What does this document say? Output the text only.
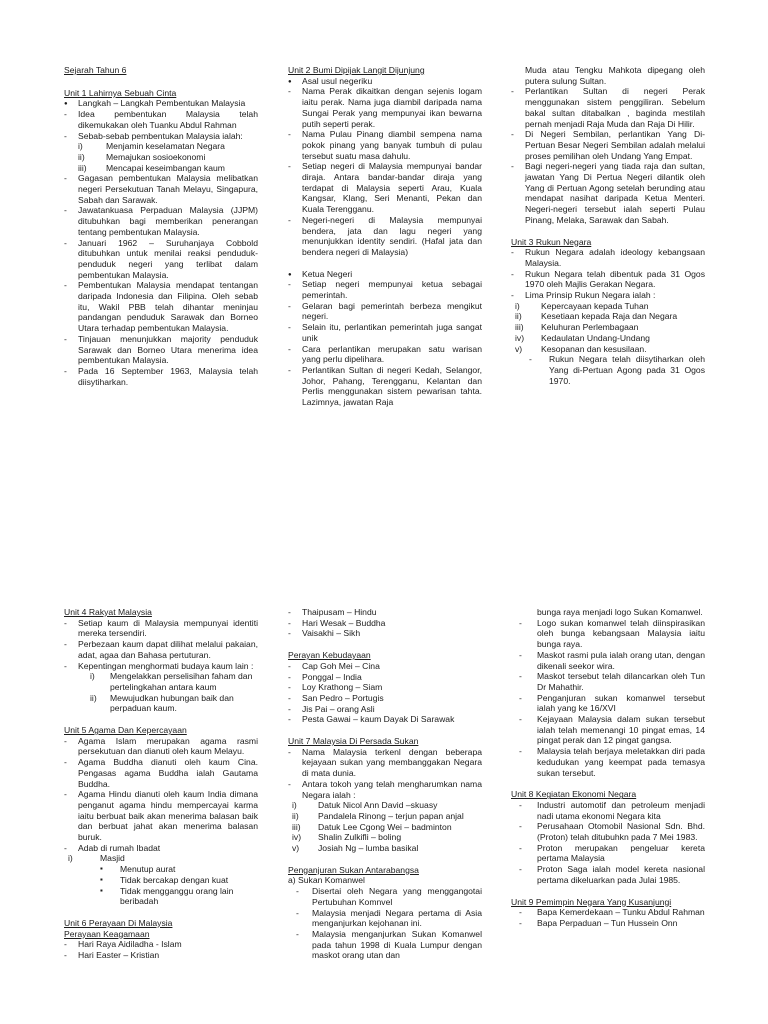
Sejarah Tahun 6

Unit 1 Lahirnya Sebuah Cinta

● Langkah – Langkah Pembentukan Malaysia
- Idea pembentukan Malaysia telah dikemukakan oleh Tuanku Abdul Rahman
- Sebab-sebab pembentukan Malaysia ialah:
i)	Menjamin keselamatan Negara
ii) Memajukan sosioekonomi
iii) Mencapai keseimbangan kaum
- Gagasan pembentukan Malaysia melibatkan negeri Persekutuan Tanah Melayu, Singapura, Sabah dan Sarawak.
- Jawatankuasa Perpaduan Malaysia (JJPM) ditubuhkan bagi memberikan penerangan tentang pembentukan Malaysia.
- Januari 1962 – Suruhanjaya Cobbold ditubuhkan untuk menilai reaksi penduduk-penduduk negeri yang terlibat dalam pembentukan Malaysia.
- Pembentukan Malaysia mendapat tentangan daripada Indonesia dan Filipina. Oleh sebab itu, Wakil PBB telah dihantar meninjau pandangan penduduk Sarawak dan Borneo Utara terhadap pembentukan Malaysia.
- Tinjauan menunjukkan majority penduduk Sarawak dan Borneo Utara menerima idea pembentukan Malaysia.
- Pada 16 September 1963, Malaysia telah diisytiharkan.

Unit 2 Bumi Dipijak Langit Dijunjung

● Asal usul negeriku
- Nama Perak dikaitkan dengan sejenis logam iaitu perak. Nama juga diambil daripada nama Sungai Perak yang mempunyai ikan bewarna putih seperti perak.
- Nama Pulau Pinang diambil sempena nama pokok pinang yang banyak tumbuh di pulau tersebut suatu masa dahulu.
- Setiap negeri di Malaysia mempunyai bandar diraja. Antara bandar-bandar diraja yang terdapat di Malaysia seperti Arau, Kuala Kangsar, Klang, Seri Menanti, Pekan dan Kuala Terengganu.
- Negeri-negeri di Malaysia mempunyai bendera, jata dan lagu negeri yang menunjukkan identity sendiri. (Hafal jata dan bendera negeri di Malaysia)
● Ketua Negeri
- Setiap negeri mempunyai ketua sebagai pemerintah.
- Gelaran bagi pemerintah berbeza mengikut negeri.
- Selain itu, perlantikan pemerintah juga sangat unik
- Cara perlantikan merupakan satu warisan yang perlu dipelihara.
- Perlantikan Sultan di negeri Kedah, Selangor, Johor, Pahang, Terengganu, Kelantan dan Perlis menggunakan sistem pewarisan tahta. Lazimnya, jawatan Raja

Muda atau Tengku Mahkota dipegang oleh putera sulung Sultan.

- Perlantikan Sultan di negeri Perak menggunakan sistem penggiliran. Sebelum bakal sultan ditabalkan , baginda mestilah pernah menjadi Raja Muda dan Raja Di Hilir.
- Di Negeri Sembilan, perlantikan Yang Di-Pertuan Besar Negeri Sembilan adalah melalui proses pemilihan oleh Undang Yang Empat.
- Bagi negeri-negeri yang tiada raja dan sultan, jawatan Yang Di Pertua Negeri dilantik oleh Yang di Pertuan Agong setelah berunding atau mendapat nasihat daripada Ketua Menteri. Negeri-negeri tersebut ialah seperti Pulau Pinang, Melaka, Sarawak dan Sabah.

Unit 3 Rukun Negara

- Rukun Negara adalah ideology kebangsaan Malaysia.
- Rukun Negara telah dibentuk pada 31 Ogos 1970 oleh Majlis Gerakan Negara.
- Lima Prinsip Rukun Negara ialah :
i) Kepercayaan kepada Tuhan
ii) Kesetiaan kepada Raja dan Negara
iii) Keluhuran Perlembagaan
iv) Kedaulatan Undang-Undang
v) Kesopanan dan kesusilaan.
- Rukun Negara telah diisytiharkan oleh Yang di-Pertuan Agong pada 31 Ogos 1970.

Unit 4 Rakyat Malaysia

- Setiap kaum di Malaysia mempunyai identiti mereka tersendiri.
- Perbezaan kaum dapat dilihat melalui pakaian, adat, agaa dan Bahasa pertuturan.
- Kepentingan menghormati budaya kaum lain :
i) Mengelakkan perselisihan faham dan pertelingkahan antara kaum
ii) Mewujudkan hubungan baik dan perpaduan kaum.

Unit 5 Agama Dan Kepercayaan

- Agama Islam merupakan agama rasmi persekutuan dan dianuti oleh kaum Melayu.
- Agama Buddha dianuti oleh kaum Cina. Pengasas agama Buddha ialah Gautama Buddha.
- Agama Hindu dianuti oleh kaum India dimana penganut agama hindu mempercayai karma iaitu berbuat baik akan menerima balasan baik dan berbuat jahat akan menerima balasan buruk.
- Adab di rumah Ibadat
i)	Masjid
▪ Menutup aurat
▪ Tidak bercakap dengan kuat
▪ Tidak mengganggu orang lain beribadah

Unit 6 Perayaan Di Malaysia

Perayaan Keagamaan

- Hari Raya Aidiladha - Islam
- Hari Easter – Kristian
- Thaipusam – Hindu
- Hari Wesak – Buddha
- Vaisakhi – Sikh

Perayan Kebudayaan

- Cap Goh Mei – Cina
- Ponggal – India
- Loy Krathong – Siam
- San Pedro – Portugis
- Jis Pai – orang Asli
- Pesta Gawai – kaum Dayak Di Sarawak

Unit 7 Malaysia Di Persada Sukan

- Nama Malaysia terkenl dengan beberapa kejayaan sukan yang membanggakan Negara di mata dunia.
- Antara tokoh yang telah mengharumkan nama Negara ialah :
i) Datuk Nicol Ann David –skuasy
ii) Pandalela Rinong – terjun papan anjal
iii) Datuk Lee Cgong Wei – badminton
iv) Shalin Zulkifli – boling
v) Josiah Ng – lumba basikal

Penganjuran Sukan Antarabangsa

a) Sukan Komanwel

- Disertai oleh Negara yang menggangotai Pertubuhan Komnvel
- Malaysia menjadi Negara pertama di Asia menganjurkan kejohanan ini.
- Malaysia menganjurkan Sukan Komanwel pada tahun 1998 di Kuala Lumpur dengan maskot orang utan dan

bunga raya menjadi logo Sukan Komanwel.

- Logo sukan komanwel telah diinspirasikan oleh bunga kebangsaan Malaysia iaitu bunga raya.
- Maskot rasmi pula ialah orang utan, dengan dikenali seekor wira.
- Maskot tersebut telah dilancarkan oleh Tun Dr Mahathir.
- Penganjuran sukan komanwel tersebut ialah yang ke 16/XVI
- Kejayaan Malaysia dalam sukan tersebut ialah telah memenangi 10 pingat emas, 14 pingat perak dan 12 pingat gangsa.
- Malaysia telah berjaya meletakkan diri pada kedudukan yang keempat pada temasya sukan tersebut.

Unit 8 Kegiatan Ekonomi Negara

- Industri automotif dan petroleum menjadi nadi utama ekonomi Negara kita
- Perusahaan Otomobil Nasional Sdn. Bhd. (Proton) telah ditubuhkn pada 7 Mei 1983.
- Proton merupakan pengeluar kereta pertama Malaysia
- Proton Saga ialah model kereta nasional pertama dikeluarkan pada Julai 1985.

Unit 9 Pemimpin Negara Yang Kusanjungi

- Bapa Kemerdekaan – Tunku Abdul Rahman
- Bapa Perpaduan – Tun Hussein Onn
